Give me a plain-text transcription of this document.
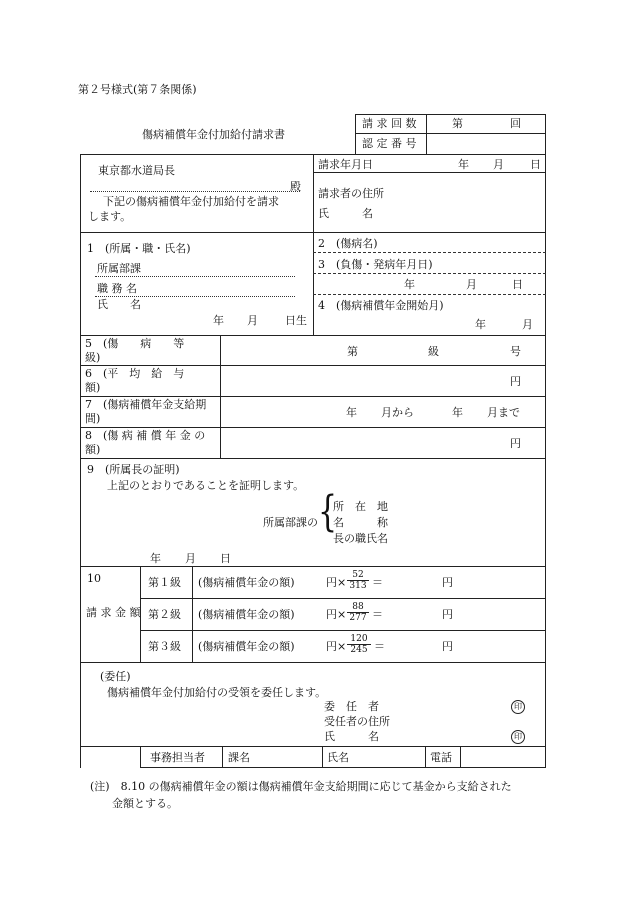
第２号様式(第７条関係)
傷病補償年金付加給付請求書
請 求 回 数	第	回
認 定 番 号
東京都水道局長
殿
下記の傷病補償年金付加給付を請求
します。
請求年月日	年 月 日
請求者の住所
氏　　　名
1　(所属・職・氏名)
所属部課
職 務 名
氏　　名
年 月 日生
2　(傷病名)
3　(負傷・発病年月日)
年	月	日
4　(傷病補償年金開始月)
年	月
5　(傷　　病　　等
級)	第	級	号
6　(平　均　給　与
額)	円
7　(傷病補償年金支給期
間)	年 月から	年 月まで
8　(傷 病 補 償 年 金 の
額)	円
9　(所属長の証明)
上記のとおりであることを証明します。
所属部課の {
所　在　地
名　　　称
長の職氏名
年 月 日
10
請 求 金 額
第１級 (傷病補償年金の額)	円× $\frac{52}{313}$ ＝	円
第２級 (傷病補償年金の額)	円× $\frac{88}{277}$ ＝	円
第３級 (傷病補償年金の額)	円× $\frac{120}{245}$ ＝	円
(委任)
傷病補償年金付加給付の受領を委任します。
委　任　者	印
受任者の住所
氏　　　名	印
事務担当者 課名	氏名	電話
(注)　8.10 の傷病補償年金の額は傷病補償年金支給期間に応じて基金から支給された
金額とする。
